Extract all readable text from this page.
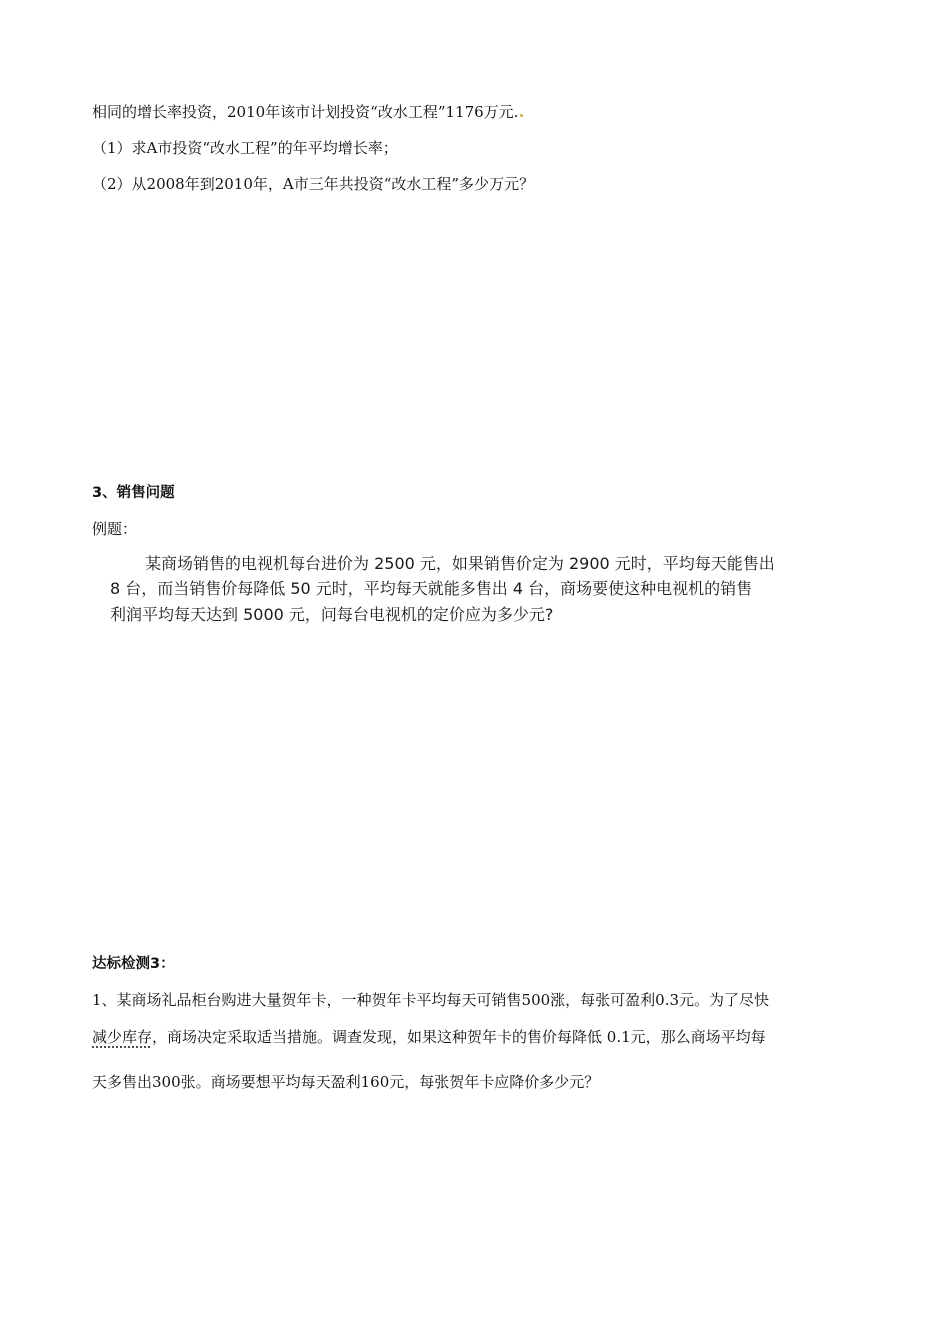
相同的增长率投资，2010年该市计划投资“改水工程”1176万元.
（1）求A市投资“改水工程”的年平均增长率；
（2）从2008年到2010年，A市三年共投资“改水工程”多少万元？
3、销售问题
例题：
某商场销售的电视机每台进价为 2500 元，如果销售价定为 2900 元时，平均每天能售出
8 台，而当销售价每降低 50 元时，平均每天就能多售出 4 台，商场要使这种电视机的销售
利润平均每天达到 5000 元，问每台电视机的定价应为多少元?
达标检测3：
1、某商场礼品柜台购进大量贺年卡，一种贺年卡平均每天可销售500涨，每张可盈利0.3元。为了尽快
减少库存，商场决定采取适当措施。调查发现，如果这种贺年卡的售价每降低 0.1元，那么商场平均每
天多售出300张。商场要想平均每天盈利160元，每张贺年卡应降价多少元？
